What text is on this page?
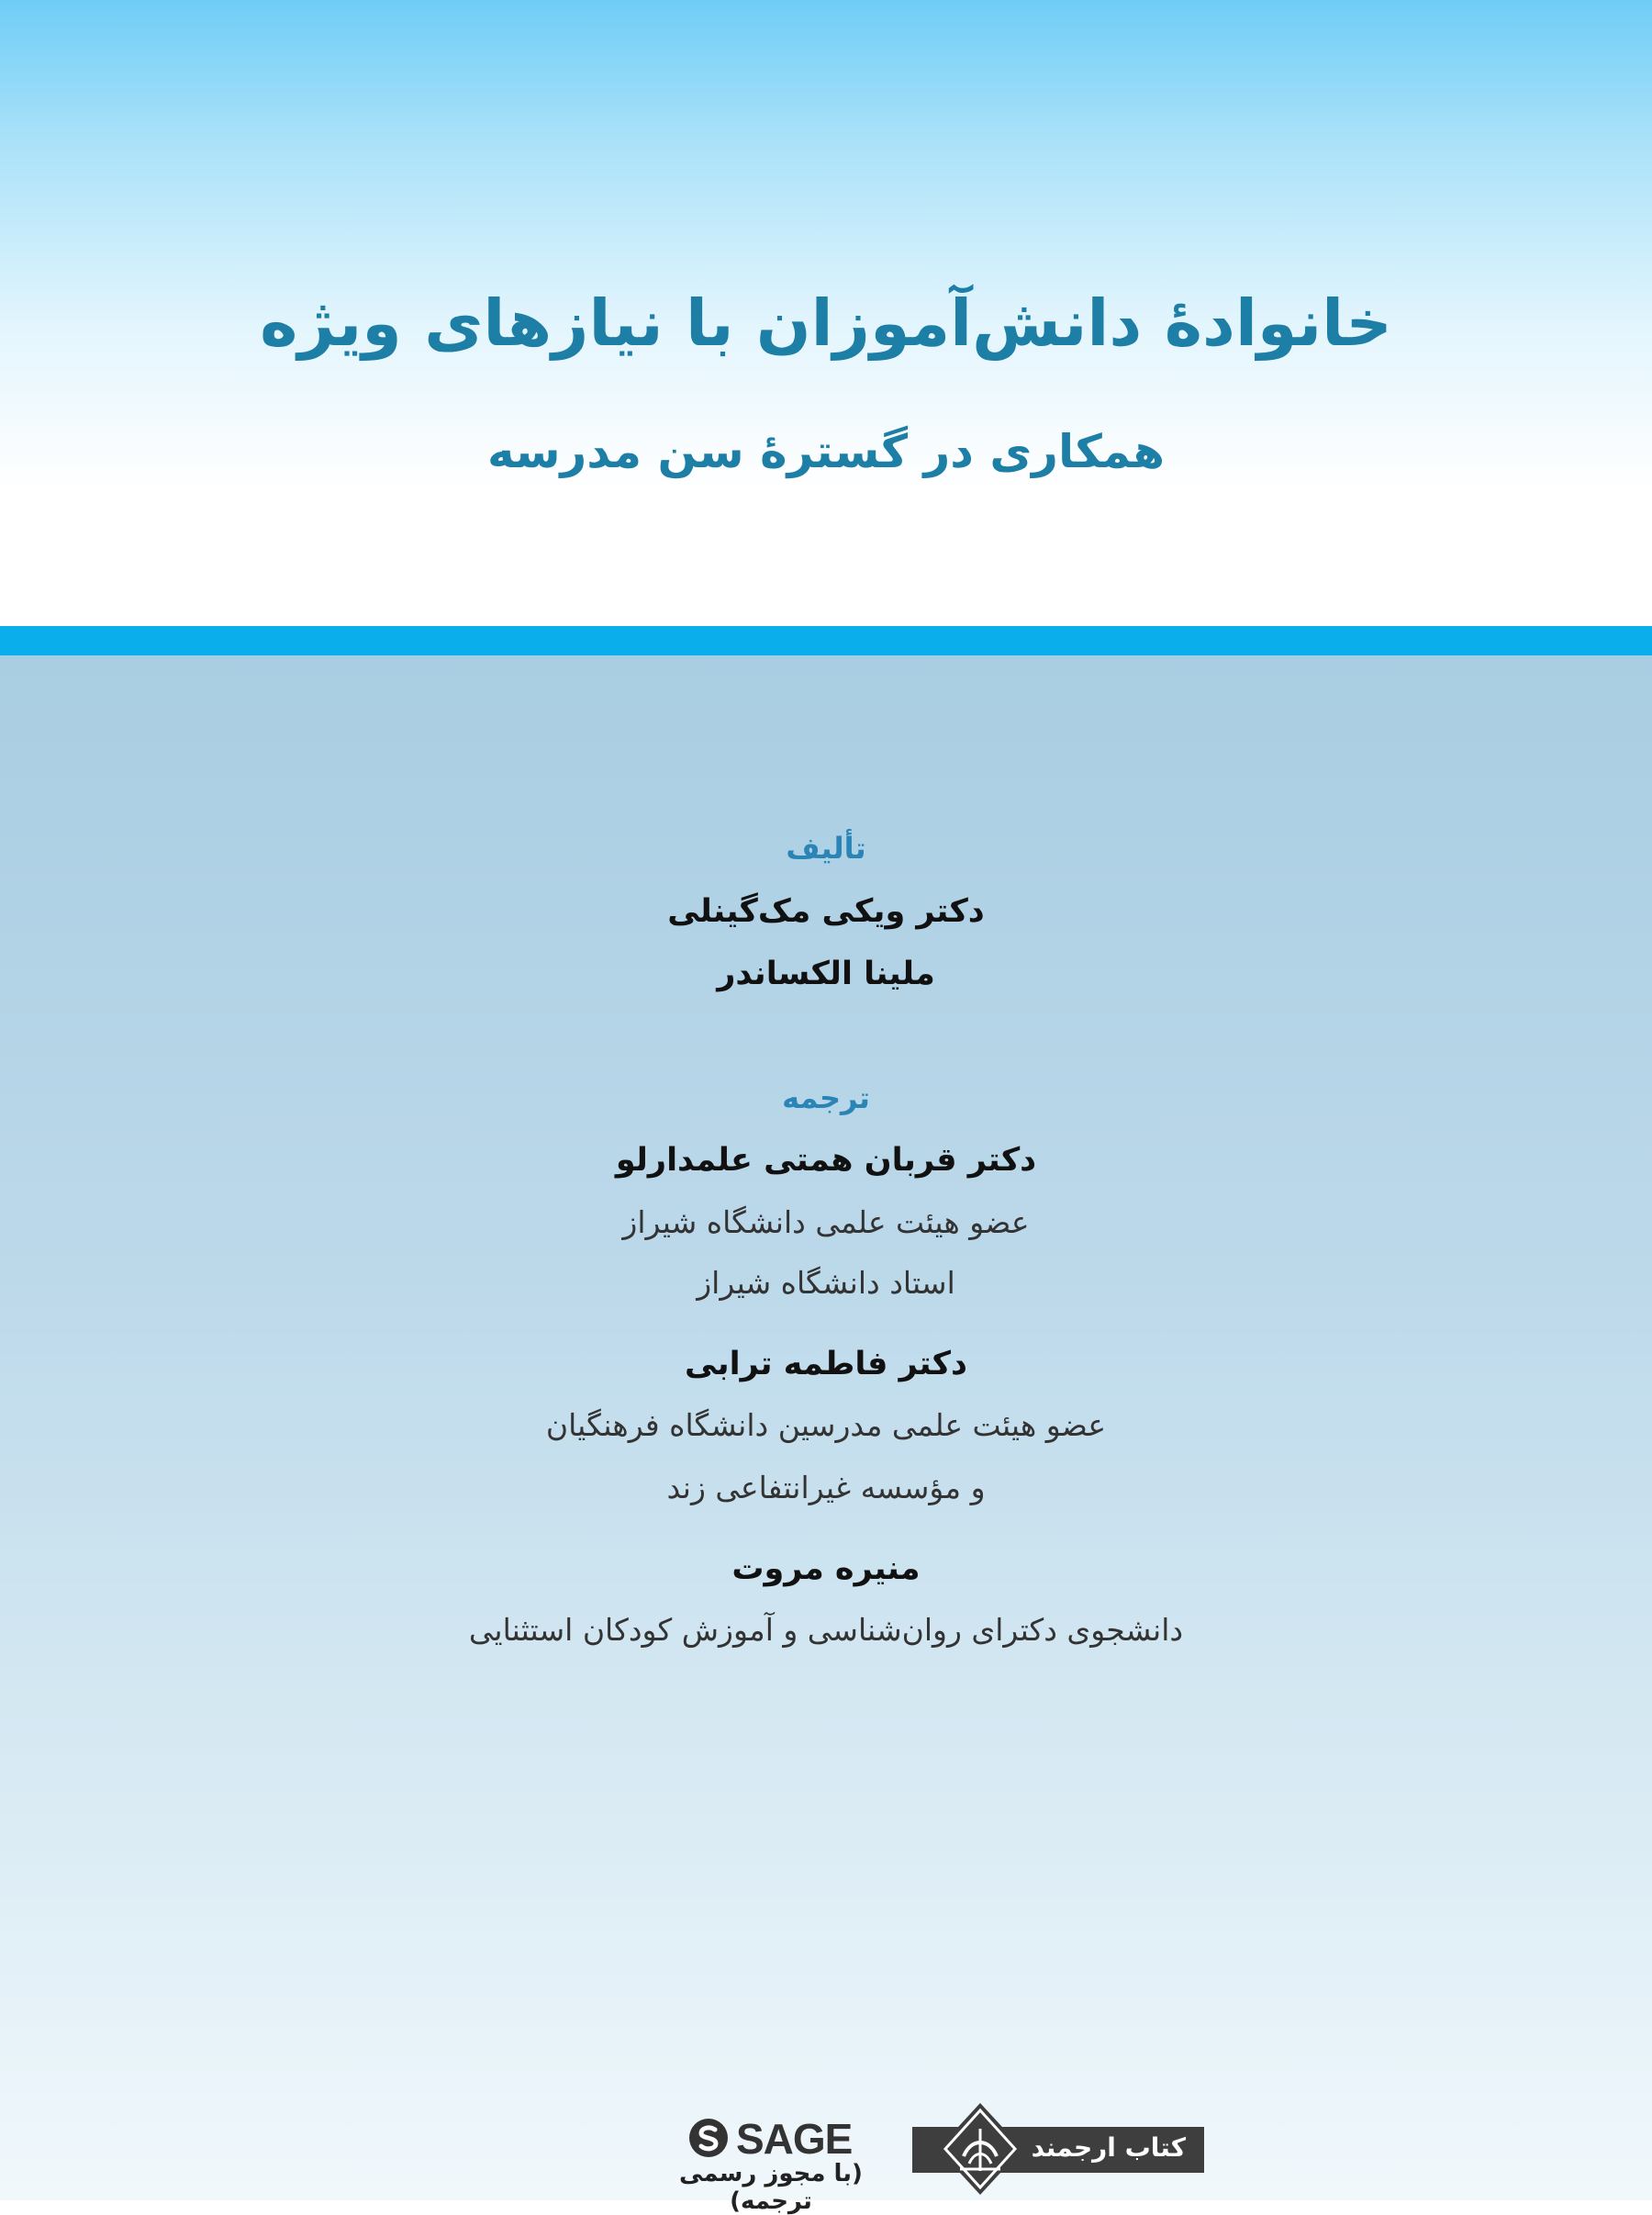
خانوادهٔ دانش‌آموزان با نیازهای ویژه
همکاری در گسترهٔ سن مدرسه
تألیف
دکتر ویکی مک‌گینلی
ملینا الکساندر
ترجمه
دکتر قربان همتی علمدارلو
عضو هیئت علمی دانشگاه شیراز
استاد دانشگاه شیراز
دکتر فاطمه ترابی
عضو هیئت علمی مدرسین دانشگاه فرهنگیان
و مؤسسه غیرانتفاعی زند
منیره مروت
دانشجوی دکترای روان‌شناسی و آموزش کودکان استثنایی
SAGE
(با مجوز رسمی ترجمه)
کتاب ارجمند
